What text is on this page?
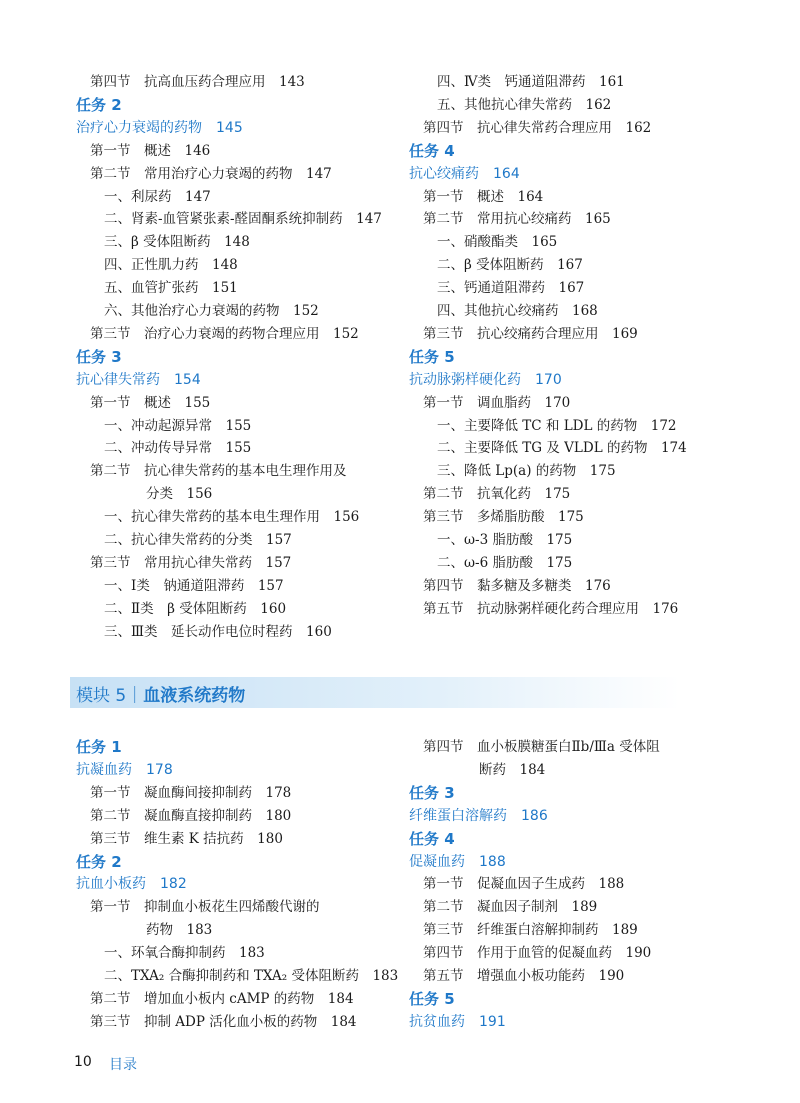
第四节　抗高血压药合理应用　143
任务 2
治疗心力衰竭的药物　145
第一节　概述　146
第二节　常用治疗心力衰竭的药物　147
一、利尿药　147
二、肾素-血管紧张素-醛固酮系统抑制药　147
三、β 受体阻断药　148
四、正性肌力药　148
五、血管扩张药　151
六、其他治疗心力衰竭的药物　152
第三节　治疗心力衰竭的药物合理应用　152
任务 3
抗心律失常药　154
第一节　概述　155
一、冲动起源异常　155
二、冲动传导异常　155
第二节　抗心律失常药的基本电生理作用及
分类　156
一、抗心律失常药的基本电生理作用　156
二、抗心律失常药的分类　157
第三节　常用抗心律失常药　157
一、Ⅰ类　钠通道阻滞药　157
二、Ⅱ类　β 受体阻断药　160
三、Ⅲ类　延长动作电位时程药　160
四、Ⅳ类　钙通道阻滞药　161
五、其他抗心律失常药　162
第四节　抗心律失常药合理应用　162
任务 4
抗心绞痛药　164
第一节　概述　164
第二节　常用抗心绞痛药　165
一、硝酸酯类　165
二、β 受体阻断药　167
三、钙通道阻滞药　167
四、其他抗心绞痛药　168
第三节　抗心绞痛药合理应用　169
任务 5
抗动脉粥样硬化药　170
第一节　调血脂药　170
一、主要降低 TC 和 LDL 的药物　172
二、主要降低 TG 及 VLDL 的药物　174
三、降低 Lp(a) 的药物　175
第二节　抗氧化药　175
第三节　多烯脂肪酸　175
一、ω-3 脂肪酸　175
二、ω-6 脂肪酸　175
第四节　黏多糖及多糖类　176
第五节　抗动脉粥样硬化药合理应用　176
模块 5｜血液系统药物
任务 1
抗凝血药　178
第一节　凝血酶间接抑制药　178
第二节　凝血酶直接抑制药　180
第三节　维生素 K 拮抗药　180
任务 2
抗血小板药　182
第一节　抑制血小板花生四烯酸代谢的
药物　183
一、环氧合酶抑制药　183
二、TXA₂ 合酶抑制药和 TXA₂ 受体阻断药　183
第二节　增加血小板内 cAMP 的药物　184
第三节　抑制 ADP 活化血小板的药物　184
第四节　血小板膜糖蛋白Ⅱb/Ⅲa 受体阻
断药　184
任务 3
纤维蛋白溶解药　186
任务 4
促凝血药　188
第一节　促凝血因子生成药　188
第二节　凝血因子制剂　189
第三节　纤维蛋白溶解抑制药　189
第四节　作用于血管的促凝血药　190
第五节　增强血小板功能药　190
任务 5
抗贫血药　191
10 目录
